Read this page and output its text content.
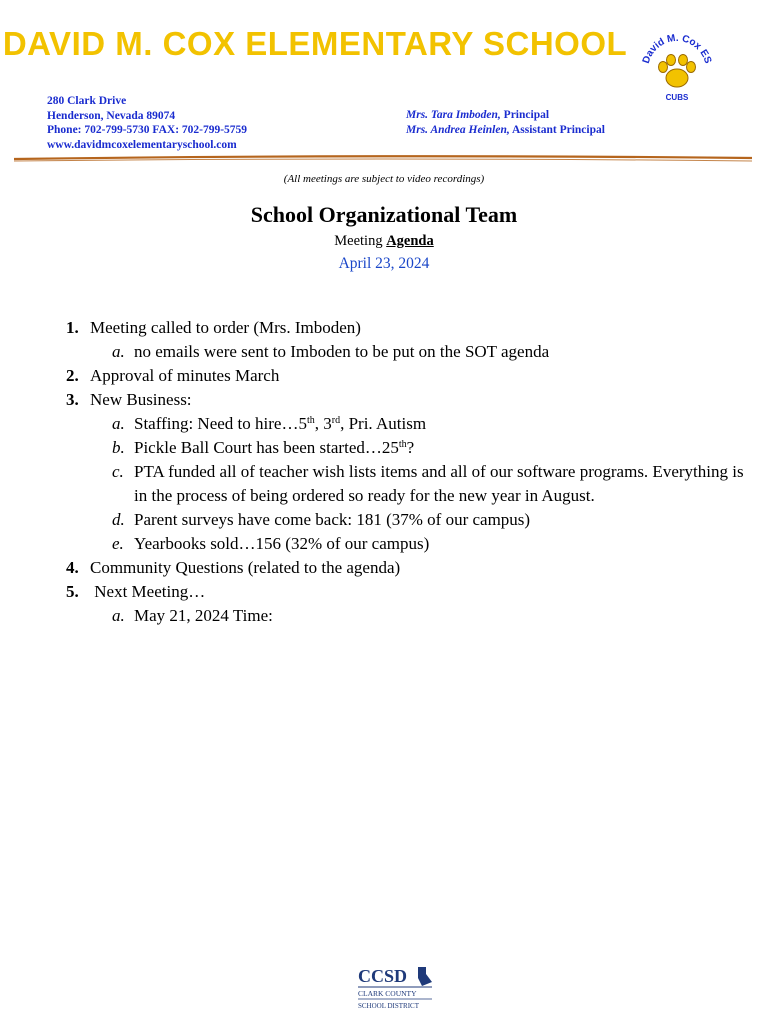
DAVID M. COX ELEMENTARY SCHOOL
280 Clark Drive
Henderson, Nevada 89074
Phone: 702-799-5730 FAX: 702-799-5759
www.davidmcoxelementaryschool.com
Mrs. Tara Imboden, Principal
Mrs. Andrea Heinlen, Assistant Principal
David M. Cox ES
CUBS
(All meetings are subject to video recordings)
School Organizational Team
Meeting Agenda
April 23, 2024
1. Meeting called to order (Mrs. Imboden)
a. no emails were sent to Imboden to be put on the SOT agenda
2. Approval of minutes March
3. New Business:
a. Staffing: Need to hire…5th, 3rd, Pri. Autism
b. Pickle Ball Court has been started…25th?
c. PTA funded all of teacher wish lists items and all of our software programs. Everything is in the process of being ordered so ready for the new year in August.
d. Parent surveys have come back: 181 (37% of our campus)
e. Yearbooks sold…156 (32% of our campus)
4. Community Questions (related to the agenda)
5. Next Meeting…
a. May 21, 2024 Time:
CCSD
CLARK COUNTY
SCHOOL DISTRICT
